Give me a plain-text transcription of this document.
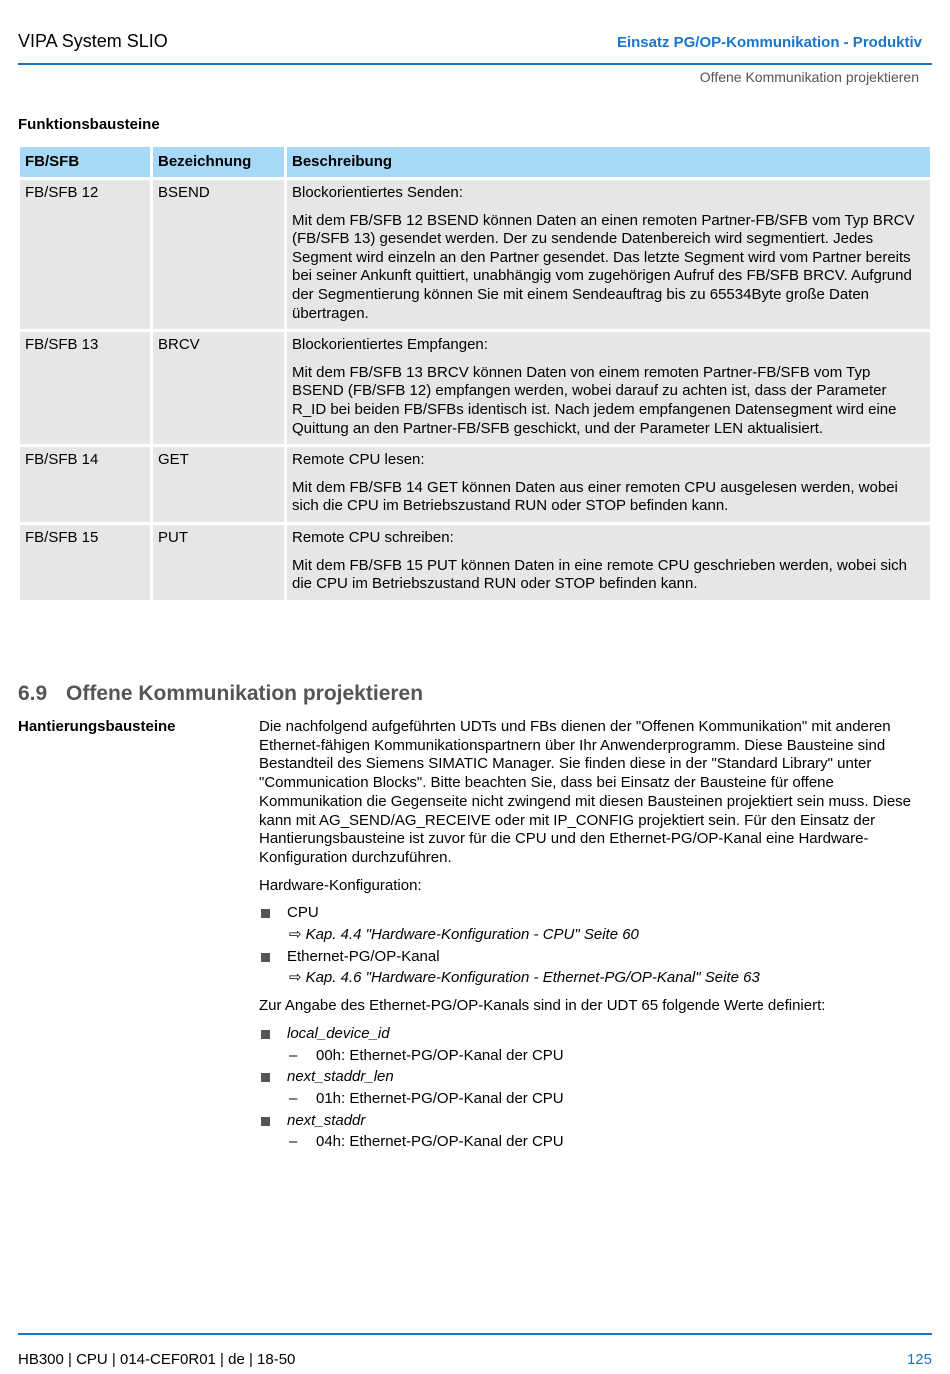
VIPA System SLIO	Einsatz PG/OP-Kommunikation - Produktiv
Offene Kommunikation projektieren
Funktionsbausteine
FB/SFB	Bezeichnung	Beschreibung
FB/SFB 12	BSEND	Blockorientiertes Senden:
Mit dem FB/SFB 12 BSEND können Daten an einen remoten Partner-FB/SFB vom Typ BRCV (FB/SFB 13) gesendet werden. Der zu sendende Datenbereich wird segmentiert. Jedes Segment wird einzeln an den Partner gesendet. Das letzte Segment wird vom Partner bereits bei seiner Ankunft quittiert, unabhängig vom zugehörigen Aufruf des FB/SFB BRCV. Aufgrund der Segmentierung können Sie mit einem Sendeauftrag bis zu 65534Byte große Daten übertragen.

FB/SFB 13	BRCV	Blockorientiertes Empfangen:
Mit dem FB/SFB 13 BRCV können Daten von einem remoten Partner-FB/SFB vom Typ BSEND (FB/SFB 12) empfangen werden, wobei darauf zu achten ist, dass der Parameter R_ID bei beiden FB/SFBs identisch ist. Nach jedem empfangenen Datensegment wird eine Quittung an den Partner-FB/SFB geschickt, und der Parameter LEN aktualisiert.

FB/SFB 14	GET	Remote CPU lesen:
Mit dem FB/SFB 14 GET können Daten aus einer remoten CPU ausgelesen werden, wobei sich die CPU im Betriebszustand RUN oder STOP befinden kann.

FB/SFB 15	PUT	Remote CPU schreiben:
Mit dem FB/SFB 15 PUT können Daten in eine remote CPU geschrieben werden, wobei sich die CPU im Betriebszustand RUN oder STOP befinden kann.
6.9 Offene Kommunikation projektieren
Hantierungsbausteine	Die nachfolgend aufgeführten UDTs und FBs dienen der "Offenen Kommunikation" mit anderen Ethernet-fähigen Kommunikationspartnern über Ihr Anwenderprogramm. Diese Bausteine sind Bestandteil des Siemens SIMATIC Manager. Sie finden diese in der "Standard Library" unter "Communication Blocks". Bitte beachten Sie, dass bei Einsatz der Bausteine für offene Kommunikation die Gegenseite nicht zwingend mit diesen Bausteinen projektiert sein muss. Diese kann mit AG_SEND/AG_RECEIVE oder mit IP_CONFIG projektiert sein. Für den Einsatz der Hantierungsbausteine ist zuvor für die CPU und den Ethernet-PG/OP-Kanal eine Hardware-Konfiguration durchzuführen.

Hardware-Konfiguration:

CPU
⇨ Kap. 4.4 "Hardware-Konfiguration - CPU" Seite 60
Ethernet-PG/OP-Kanal
⇨ Kap. 4.6 "Hardware-Konfiguration - Ethernet-PG/OP-Kanal" Seite 63

Zur Angabe des Ethernet-PG/OP-Kanals sind in der UDT 65 folgende Werte definiert:

local_device_id
– 00h: Ethernet-PG/OP-Kanal der CPU
next_staddr_len
– 01h: Ethernet-PG/OP-Kanal der CPU
next_staddr
– 04h: Ethernet-PG/OP-Kanal der CPU
HB300 | CPU | 014-CEF0R01 | de | 18-50	125
